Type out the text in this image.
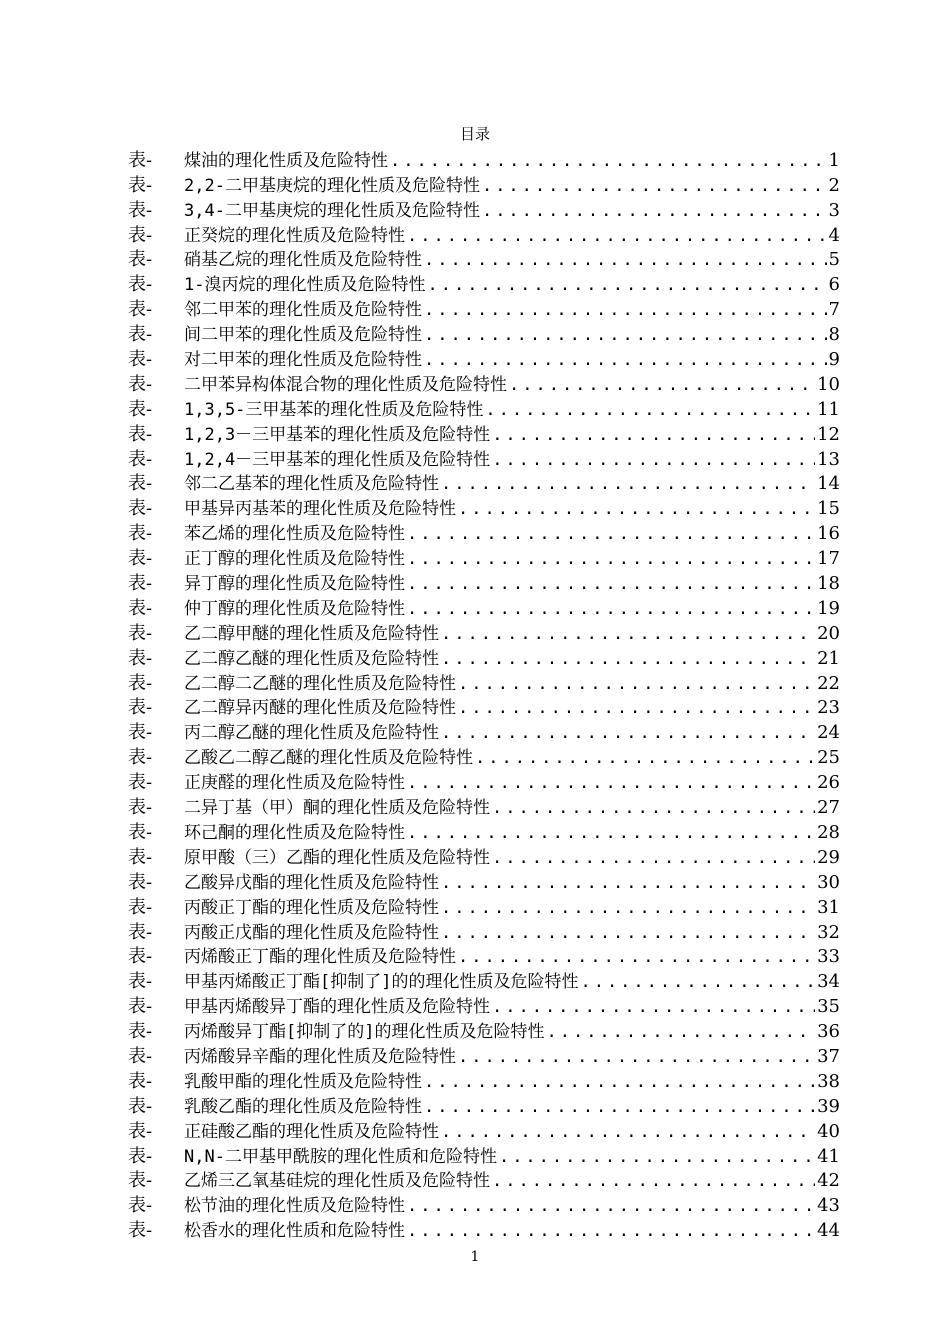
目录
表-	煤油的理化性质及危险特性 .....	1
表-	2,2-二甲基庚烷的理化性质及危险特性 .....	2
表-	3,4-二甲基庚烷的理化性质及危险特性 .....	3
表-	正癸烷的理化性质及危险特性 .....	4
表-	硝基乙烷的理化性质及危险特性 .....	5
表-	1-溴丙烷的理化性质及危险特性 .....	6
表-	邻二甲苯的理化性质及危险特性 .....	7
表-	间二甲苯的理化性质及危险特性 .....	8
表-	对二甲苯的理化性质及危险特性 .....	9
表-	二甲苯异构体混合物的理化性质及危险特性 .....	10
表-	1,3,5-三甲基苯的理化性质及危险特性 .....	11
表-	1,2,3－三甲基苯的理化性质及危险特性 .....	12
表-	1,2,4－三甲基苯的理化性质及危险特性 .....	13
表-	邻二乙基苯的理化性质及危险特性 .....	14
表-	甲基异丙基苯的理化性质及危险特性 .....	15
表-	苯乙烯的理化性质及危险特性 .....	16
表-	正丁醇的理化性质及危险特性 .....	17
表-	异丁醇的理化性质及危险特性 .....	18
表-	仲丁醇的理化性质及危险特性 .....	19
表-	乙二醇甲醚的理化性质及危险特性 .....	20
表-	乙二醇乙醚的理化性质及危险特性 .....	21
表-	乙二醇二乙醚的理化性质及危险特性 .....	22
表-	乙二醇异丙醚的理化性质及危险特性 .....	23
表-	丙二醇乙醚的理化性质及危险特性 .....	24
表-	乙酸乙二醇乙醚的理化性质及危险特性 .....	25
表-	正庚醛的理化性质及危险特性 .....	26
表-	二异丁基（甲）酮的理化性质及危险特性 .....	27
表-	环己酮的理化性质及危险特性 .....	28
表-	原甲酸（三）乙酯的理化性质及危险特性 .....	29
表-	乙酸异戊酯的理化性质及危险特性 .....	30
表-	丙酸正丁酯的理化性质及危险特性 .....	31
表-	丙酸正戊酯的理化性质及危险特性 .....	32
表-	丙烯酸正丁酯的理化性质及危险特性 .....	33
表-	甲基丙烯酸正丁酯[抑制了]的的理化性质及危险特性 .....	34
表-	甲基丙烯酸异丁酯的理化性质及危险特性 .....	35
表-	丙烯酸异丁酯[抑制了的]的理化性质及危险特性 .....	36
表-	丙烯酸异辛酯的理化性质及危险特性 .....	37
表-	乳酸甲酯的理化性质及危险特性 .....	38
表-	乳酸乙酯的理化性质及危险特性 .....	39
表-	正硅酸乙酯的理化性质及危险特性 .....	40
表-	N,N-二甲基甲酰胺的理化性质和危险特性 .....	41
表-	乙烯三乙氧基硅烷的理化性质及危险特性 .....	42
表-	松节油的理化性质及危险特性 .....	43
表-	松香水的理化性质和危险特性 .....	44
1
